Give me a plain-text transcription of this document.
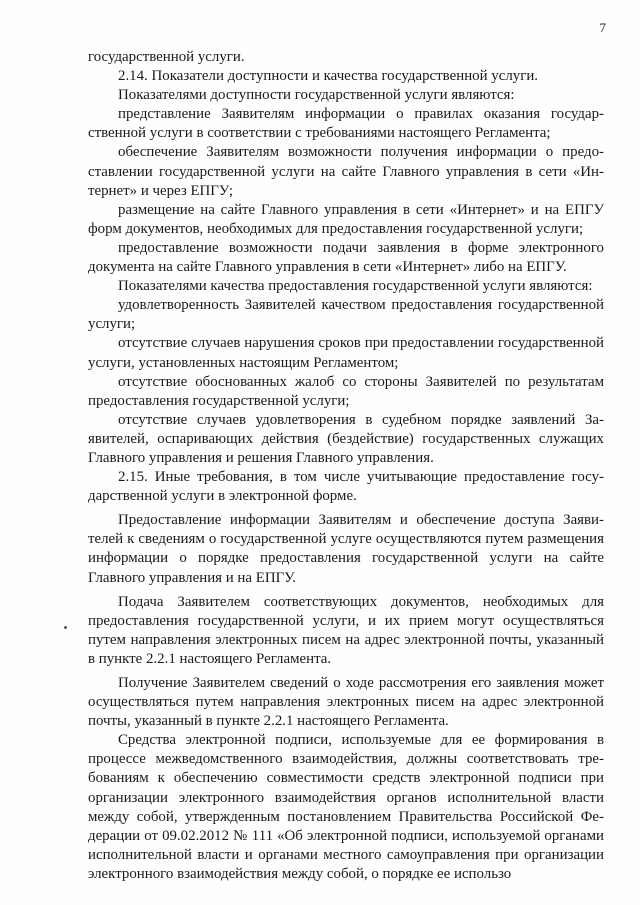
7

государственной услуги.

2.14. Показатели доступности и качества государственной услуги.

Показателями доступности государственной услуги являются:

представление Заявителям информации о правилах оказания государственной услуги в соответствии с требованиями настоящего Регламента;

обеспечение Заявителям возможности получения информации о предоставлении государственной услуги на сайте Главного управления в сети «Интернет» и через ЕПГУ;

размещение на сайте Главного управления в сети «Интернет» и на ЕПГУ форм документов, необходимых для предоставления государственной услуги;

предоставление возможности подачи заявления в форме электронного документа на сайте Главного управления в сети «Интернет» либо на ЕПГУ.

Показателями качества предоставления государственной услуги являются:

удовлетворенность Заявителей качеством предоставления государственной услуги;

отсутствие случаев нарушения сроков при предоставлении государственной услуги, установленных настоящим Регламентом;

отсутствие обоснованных жалоб со стороны Заявителей по результатам предоставления государственной услуги;

отсутствие случаев удовлетворения в судебном порядке заявлений Заявителей, оспаривающих действия (бездействие) государственных служащих Главного управления и решения Главного управления.

2.15. Иные требования, в том числе учитывающие предоставление государственной услуги в электронной форме.

Предоставление информации Заявителям и обеспечение доступа Заявителей к сведениям о государственной услуге осуществляются путем размещения информации о порядке предоставления государственной услуги на сайте Главного управления и на ЕПГУ.

Подача Заявителем соответствующих документов, необходимых для предоставления государственной услуги, и их прием могут осуществляться путем направления электронных писем на адрес электронной почты, указанный в пункте 2.2.1 настоящего Регламента.

Получение Заявителем сведений о ходе рассмотрения его заявления может осуществляться путем направления электронных писем на адрес электронной почты, указанный в пункте 2.2.1 настоящего Регламента.

Средства электронной подписи, используемые для ее формирования в процессе межведомственного взаимодействия, должны соответствовать требованиям к обеспечению совместимости средств электронной подписи при организации электронного взаимодействия органов исполнительной власти между собой, утвержденным постановлением Правительства Российской Федерации от 09.02.2012 № 111 «Об электронной подписи, используемой органами исполнительной власти и органами местного самоуправления при организации электронного взаимодействия между собой, о порядке ее использо
